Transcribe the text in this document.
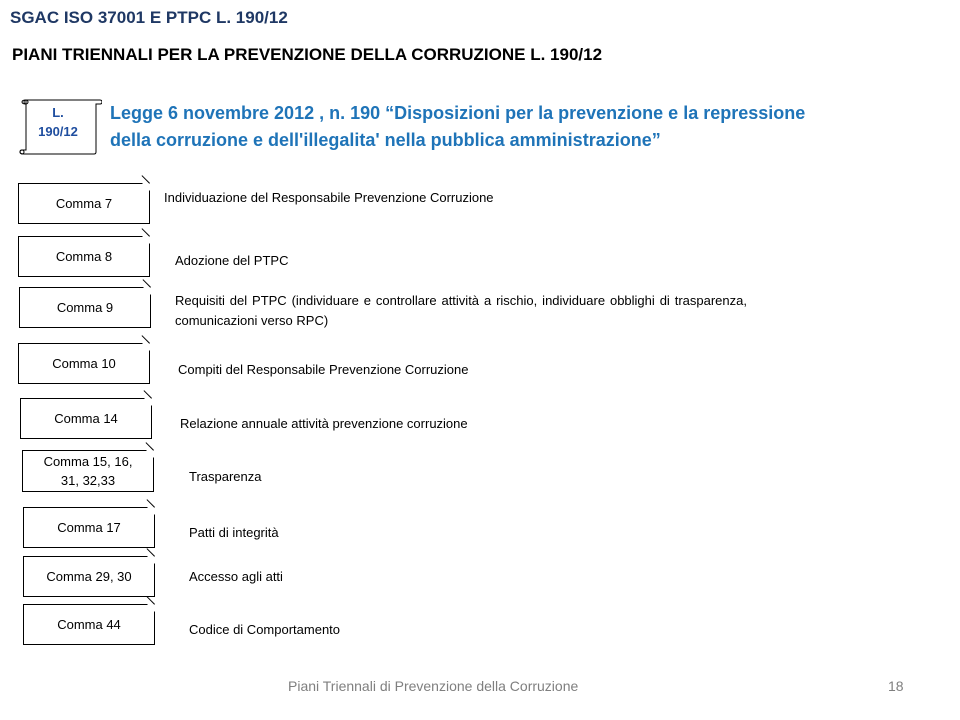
SGAC ISO 37001 E PTPC L. 190/12
PIANI TRIENNALI PER LA PREVENZIONE DELLA CORRUZIONE L. 190/12
L.
190/12
Legge 6 novembre 2012 , n. 190 “Disposizioni per la prevenzione e la repressione
della corruzione e dell'illegalita' nella pubblica amministrazione”
Comma 7	Individuazione del Responsabile Prevenzione Corruzione
Comma 8	Adozione del PTPC
Comma 9	Requisiti del PTPC (individuare e controllare attività a rischio, individuare obblighi di trasparenza, comunicazioni verso RPC)
Comma 10	Compiti del Responsabile Prevenzione Corruzione
Comma 14	Relazione annuale attività prevenzione corruzione
Comma 15, 16, 31, 32,33	Trasparenza
Comma 17	Patti di integrità
Comma 29, 30	Accesso agli atti
Comma 44	Codice di Comportamento
Piani Triennali di Prevenzione della Corruzione	18
